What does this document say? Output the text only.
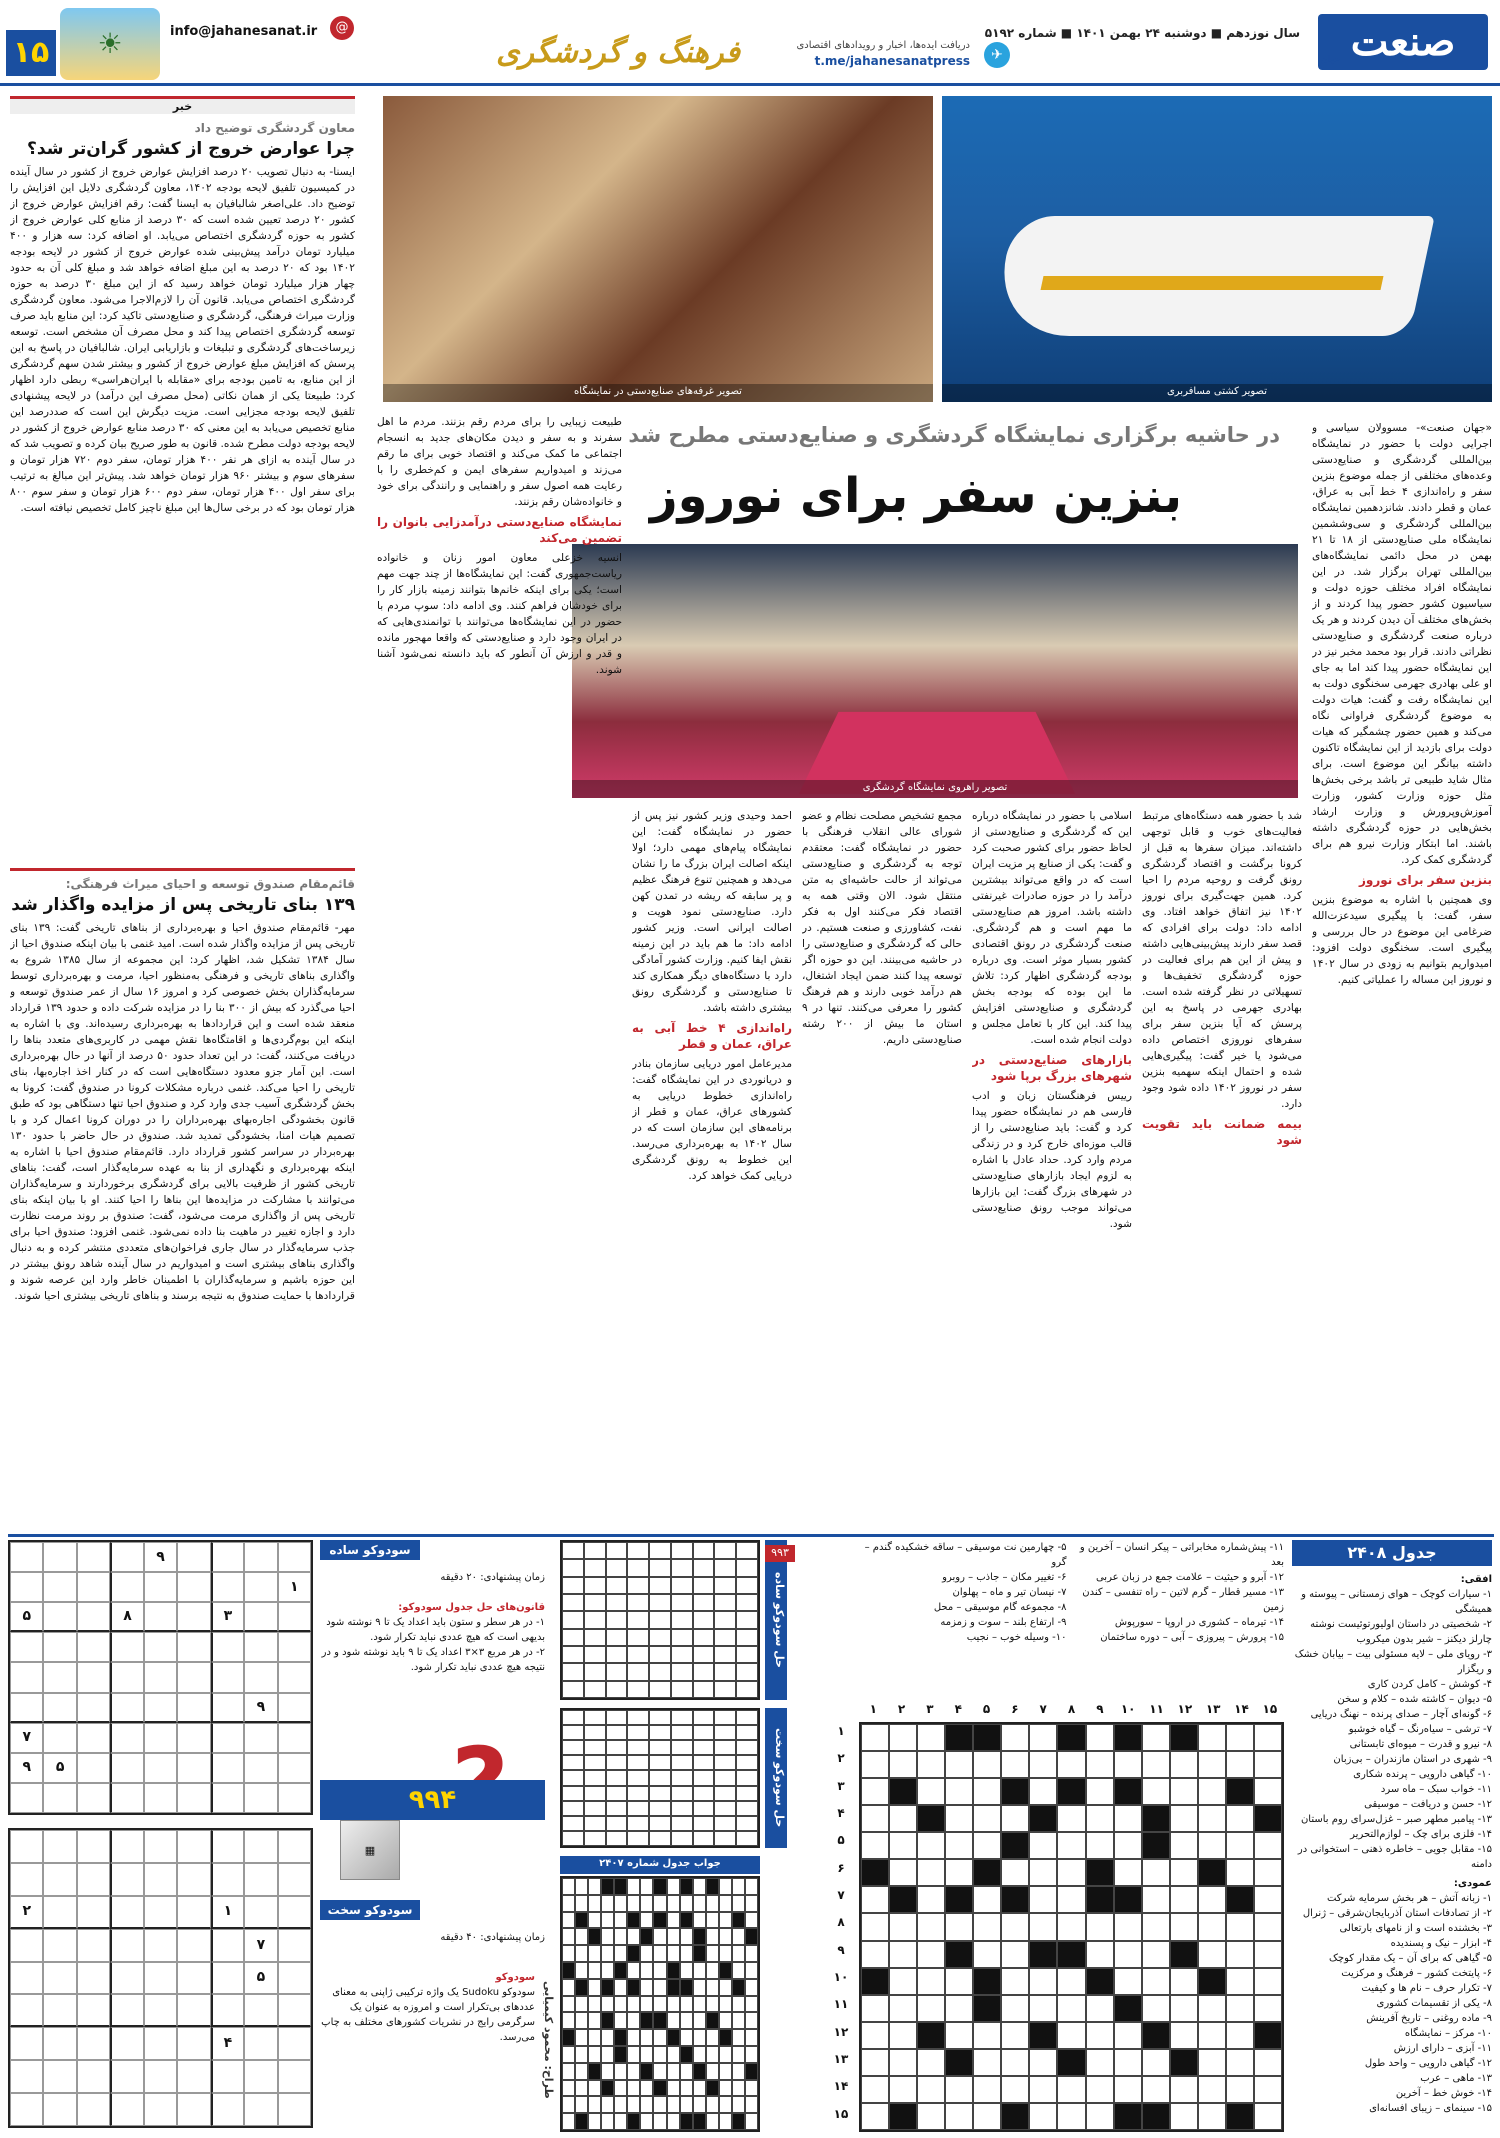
صنعت
جهان
سال نوزدهم ■ دوشنبه ۲۴ بهمن ۱۴۰۱ ■ شماره ۵۱۹۲
✈
دریافت ایده‌ها، اخبار و رویدادهای اقتصادی
t.me/jahanesanatpress
فرهنگ و گردشگری
@
info@jahanesanat.ir
☀
۱۵
خبر
معاون گردشگری توضیح داد
چرا عوارض خروج از کشور گران‌تر شد؟

ایسنا- به دنبال تصویب ۲۰ درصد افزایش عوارض خروج از کشور در سال آینده در کمیسیون تلفیق لایحه بودجه ۱۴۰۲، معاون گردشگری دلایل این افزایش را توضیح داد. علی‌اصغر شالبافیان به ایسنا گفت: رقم افزایش عوارض خروج از کشور ۲۰ درصد تعیین شده است که ۳۰ درصد از منابع کلی عوارض خروج از کشور به حوزه گردشگری اختصاص می‌یابد. او اضافه کرد: سه هزار و ۴۰۰ میلیارد تومان درآمد پیش‌بینی شده عوارض خروج از کشور در لایحه بودجه ۱۴۰۲ بود که ۲۰ درصد به این مبلغ اضافه خواهد شد و مبلغ کلی آن به حدود چهار هزار میلیارد تومان خواهد رسید که از این مبلغ ۳۰ درصد به حوزه گردشگری اختصاص می‌یابد. قانون آن را لازم‌الاجرا می‌شود. معاون گردشگری وزارت میراث فرهنگی، گردشگری و صنایع‌دستی تاکید کرد: این منابع باید صرف توسعه گردشگری اختصاص پیدا کند و محل مصرف آن مشخص است. توسعه زیرساخت‌های گردشگری و تبلیغات و بازاریابی ایران. شالبافیان در پاسخ به این پرسش که افزایش مبلغ عوارض خروج از کشور و بیشتر شدن سهم گردشگری از این منابع، به تامین بودجه برای «مقابله با ایران‌هراسی» ربطی دارد اظهار کرد: طبیعتا یکی از همان نکاتی (محل مصرف این درآمد) در لایحه پیشنهادی تلفیق لایحه بودجه مجزایی است. مزیت دیگرش این است که صددرصد این منابع تخصیص می‌یابد به این معنی که ۳۰ درصد منابع عوارض خروج از کشور در لایحه بودجه دولت مطرح شده. قانون به طور صریح بیان کرده و تصویب شد که در سال آینده به ازای هر نفر ۴۰۰ هزار تومان، سفر دوم ۷۲۰ هزار تومان و سفرهای سوم و بیشتر ۹۶۰ هزار تومان خواهد شد. پیش‌تر این مبالغ به ترتیب برای سفر اول ۴۰۰ هزار تومان، سفر دوم ۶۰۰ هزار تومان و سفر سوم ۸۰۰ هزار تومان بود که در برخی سال‌ها این مبلغ ناچیز کامل تخصیص نیافته است.

قائم‌مقام صندوق توسعه و احیای میراث فرهنگی:
۱۳۹ بنای تاریخی پس از مزایده واگذار شد

مهر- قائم‌مقام صندوق احیا و بهره‌برداری از بناهای تاریخی گفت: ۱۳۹ بنای تاریخی پس از مزایده واگذار شده است. امید غنمی با بیان اینکه صندوق احیا از سال ۱۳۸۴ تشکیل شد، اظهار کرد: این مجموعه از سال ۱۳۸۵ شروع به واگذاری بناهای تاریخی و فرهنگی به‌منظور احیا، مرمت و بهره‌برداری توسط سرمایه‌گذاران بخش خصوصی کرد و امروز ۱۶ سال از عمر صندوق توسعه و احیا می‌گذرد که بیش از ۳۰۰ بنا را در مزایده شرکت داده و حدود ۱۳۹ قرارداد منعقد شده است و این قراردادها به بهره‌برداری رسیده‌اند. وی با اشاره به اینکه این بوم‌گردی‌ها و اقامتگاه‌ها نقش مهمی در کاربری‌های متعدد بناها را دریافت می‌کنند، گفت: در این تعداد حدود ۵۰ درصد از آنها در حال بهره‌برداری است. این آمار جزو معدود دستگاه‌هایی است که در کنار اخذ اجاره‌بها، بنای تاریخی را احیا می‌کند. غنمی درباره مشکلات کرونا در صندوق گفت: کرونا به بخش گردشگری آسیب جدی وارد کرد و صندوق احیا تنها دستگاهی بود که طبق قانون بخشودگی اجاره‌بهای بهره‌برداران را در دوران کرونا اعمال کرد و با تصمیم هیات امنا، بخشودگی تمدید شد. صندوق در حال حاضر با حدود ۱۳۰ بهره‌بردار در سراسر کشور قرارداد دارد. قائم‌مقام صندوق احیا با اشاره به اینکه بهره‌برداری و نگهداری از بنا به عهده سرمایه‌گذار است، گفت: بناهای تاریخی کشور از ظرفیت بالایی برای گردشگری برخوردارند و سرمایه‌گذاران می‌توانند با مشارکت در مزایده‌ها این بناها را احیا کنند. او با بیان اینکه بنای تاریخی پس از واگذاری مرمت می‌شود، گفت: صندوق بر روند مرمت نظارت دارد و اجازه تغییر در ماهیت بنا داده نمی‌شود. غنمی افزود: صندوق احیا برای جذب سرمایه‌گذار در سال جاری فراخوان‌های متعددی منتشر کرده و به دنبال واگذاری بناهای بیشتری است و امیدواریم در سال آینده شاهد رونق بیشتر در این حوزه باشیم و سرمایه‌گذاران با اطمینان خاطر وارد این عرصه شوند و قراردادها با حمایت صندوق به نتیجه برسند و بناهای تاریخی بیشتری احیا شوند.

تصویر غرفه‌های صنایع‌دستی در نمایشگاه	تصویر کشتی مسافربری
در حاشیه برگزاری نمایشگاه گردشگری و صنایع‌دستی مطرح شد
بنزین سفر برای نوروز
تصویر راهروی نمایشگاه گردشگری

«جهان صنعت»- مسوولان سیاسی و اجرایی دولت با حضور در نمایشگاه بین‌المللی گردشگری و صنایع‌دستی وعده‌های مختلفی از جمله موضوع بنزین سفر و راه‌اندازی ۴ خط آبی به عراق، عمان و قطر دادند. شانزدهمین نمایشگاه بین‌المللی گردشگری و سی‌وششمین نمایشگاه ملی صنایع‌دستی از ۱۸ تا ۲۱ بهمن در محل دائمی نمایشگاه‌های بین‌المللی تهران برگزار شد. در این نمایشگاه افراد مختلف حوزه دولت و سیاسیون کشور حضور پیدا کردند و از بخش‌های مختلف آن دیدن کردند و هر یک درباره صنعت گردشگری و صنایع‌دستی نظراتی دادند. قرار بود محمد مخبر نیز در این نمایشگاه حضور پیدا کند اما به جای او علی بهادری جهرمی سخنگوی دولت به این نمایشگاه رفت و گفت: هیات دولت به موضوع گردشگری فراوانی نگاه می‌کند و همین حضور چشمگیر که هیات دولت برای بازدید از این نمایشگاه تاکنون داشته بیانگر این موضوع است. برای مثال شاید طبیعی تر باشد برخی بخش‌ها مثل حوزه وزارت کشور، وزارت آموزش‌وپرورش و وزارت ارشاد بخش‌هایی در حوزه گردشگری داشته باشند. اما ابتکار وزارت نیرو هم برای گردشگری کمک کرد.

بنزین سفر برای نوروز

وی همچنین با اشاره به موضوع بنزین سفر، گفت: با پیگیری سیدعزت‌الله ضرغامی این موضوع در حال بررسی و پیگیری است. سخنگوی دولت افزود: امیدواریم بتوانیم به زودی در سال ۱۴۰۲ و نوروز این مساله را عملیاتی کنیم.

شد با حضور همه دستگاه‌های مرتبط فعالیت‌های خوب و قابل توجهی داشته‌اند. میزان سفرها به قبل از کرونا برگشت و اقتصاد گردشگری رونق گرفت و روحیه مردم را احیا کرد. همین جهت‌گیری برای نوروز ۱۴۰۲ نیز اتفاق خواهد افتاد. وی ادامه داد: دولت برای افرادی که قصد سفر دارند پیش‌بینی‌هایی داشته و پیش از این هم برای فعالیت در حوزه گردشگری تخفیف‌ها و تسهیلاتی در نظر گرفته شده است. بهادری جهرمی در پاسخ به این پرسش که آیا بنزین سفر برای سفرهای نوروزی اختصاص داده می‌شود یا خیر گفت: پیگیری‌هایی شده و احتمال اینکه سهمیه بنزین سفر در نوروز ۱۴۰۲ داده شود وجود دارد.

بیمه ضمانت باید تقویت شود

اسلامی با حضور در نمایشگاه درباره این که گردشگری و صنایع‌دستی از لحاظ حضور برای کشور صحبت کرد و گفت: یکی از صنایع پر مزیت ایران است که در واقع می‌تواند بیشترین درآمد را در حوزه صادرات غیرنفتی داشته باشد. امروز هم صنایع‌دستی ما مهم است و هم گردشگری. صنعت گردشگری در رونق اقتصادی کشور بسیار موثر است. وی درباره بودجه گردشگری اظهار کرد: تلاش ما این بوده که بودجه بخش گردشگری و صنایع‌دستی افزایش پیدا کند. این کار با تعامل مجلس و دولت انجام شده است.

بازارهای صنایع‌دستی در شهرهای بزرگ برپا شود

رییس فرهنگستان زبان و ادب فارسی هم در نمایشگاه حضور پیدا کرد و گفت: باید صنایع‌دستی را از قالب موزه‌ای خارج کرد و در زندگی مردم وارد کرد. حداد عادل با اشاره به لزوم ایجاد بازارهای صنایع‌دستی در شهرهای بزرگ گفت: این بازارها می‌تواند موجب رونق صنایع‌دستی شود.

مجمع تشخیص مصلحت نظام و عضو شورای عالی انقلاب فرهنگی با حضور در نمایشگاه گفت: معتقدم توجه به گردشگری و صنایع‌دستی می‌تواند از حالت حاشیه‌ای به متن منتقل شود. الان وقتی همه به اقتصاد فکر می‌کنند اول به فکر نفت، کشاورزی و صنعت هستیم. در حالی که گردشگری و صنایع‌دستی را در حاشیه می‌بینند. این دو حوزه اگر توسعه پیدا کنند ضمن ایجاد اشتغال، هم درآمد خوبی دارند و هم فرهنگ کشور را معرفی می‌کنند. تنها در ۹ استان ما بیش از ۲۰۰ رشته صنایع‌دستی داریم.

احمد وحیدی وزیر کشور نیز پس از حضور در نمایشگاه گفت: این نمایشگاه پیام‌های مهمی دارد؛ اولا اینکه اصالت ایران بزرگ ما را نشان می‌دهد و همچنین تنوع فرهنگ عظیم و پر سابقه که ریشه در تمدن کهن دارد. صنایع‌دستی نمود هویت و اصالت ایرانی است. وزیر کشور ادامه داد: ما هم باید در این زمینه نقش ایفا کنیم. وزارت کشور آمادگی دارد با دستگاه‌های دیگر همکاری کند تا صنایع‌دستی و گردشگری رونق بیشتری داشته باشد.

راه‌اندازی ۴ خط آبی به عراق، عمان و قطر

مدیرعامل امور دریایی سازمان بنادر و دریانوردی در این نمایشگاه گفت: راه‌اندازی خطوط دریایی به کشورهای عراق، عمان و قطر از برنامه‌های این سازمان است که در سال ۱۴۰۲ به بهره‌برداری می‌رسد. این خطوط به رونق گردشگری دریایی کمک خواهد کرد.

طبیعت زیبایی را برای مردم رقم بزنند. مردم ما اهل سفرند و به سفر و دیدن مکان‌های جدید به انسجام اجتماعی ما کمک می‌کند و اقتصاد خوبی برای ما رقم می‌زند و امیدواریم سفرهای ایمن و کم‌خطری را با رعایت همه اصول سفر و راهنمایی و رانندگی برای خود و خانواده‌شان رقم بزنند.

نمایشگاه صنایع‌دستی درآمدزایی بانوان را تضمین می‌کند

انسیه خزعلی معاون امور زنان و خانواده ریاست‌جمهوری گفت: این نمایشگاه‌ها از چند جهت مهم است؛ یکی برای اینکه خانم‌ها بتوانند زمینه بازار کار را برای خودشان فراهم کنند. وی ادامه داد: سوپ مردم با حضور در این نمایشگاه‌ها می‌توانند با توانمندی‌هایی که در ایران وجود دارد و صنایع‌دستی که واقعا مهجور مانده و قدر و ارزش آن آنطور که باید دانسته نمی‌شود آشنا شوند.

جدول ۲۴۰۸
افقی:
۱- سیارات کوچک – هوای زمستانی – پیوسته و همیشگی
۲- شخصیتی در داستان اولیورتوئیست نوشته چارلز دیکنز – شیر بدون میکروب
۳- رویای ملی – لایه مسئولی بیت – بیابان خشک و ریگزار
۴- کوشش – کامل کردن کاری
۵- دیوان – کاشته شده – کلام و سخن
۶- گونه‌ای آچار – صدای پرنده – نهنگ دریایی
۷- ترشی – سیاه‌رنگ – گیاه خوشبو
۸- نیرو و قدرت – میوه‌ای تابستانی
۹- شهری در استان مازندران – بی‌زبان
۱۰- گیاهی دارویی – پرنده شکاری
۱۱- خواب سبک – ماه سرد
۱۲- حسن و دریافت – موسیقی
۱۳- پیامبر مطهر صبر – غزل‌سرای روم باستان
۱۴- فلزی برای چک – لوازم‌التحریر
۱۵- مقابل جویی – خاطره ذهنی – استخوانی در دامنه
عمودی:
۱- زبانه آتش – هر بخش سرمایه شرکت
۲- از تصادفات استان آذربایجان‌شرقی – ژنرال
۳- بخشنده است و از نامهای بارتعالی
۴- ابزار – نیک و پسندیده
۵- گیاهی که برای آن – یک مقدار کوچک
۶- پایتخت کشور – فرهنگ و مرکزیت
۷- تکرار حرف – نام ها و کیفیت
۸- یکی از تقسیمات کشوری
۹- ماده روغنی – تاریخ آفرینش
۱۰- مرکز – نمایشگاه
۱۱- آبزی – دارای ارزش
۱۲- گیاهی دارویی – واحد طول
۱۳- ماهی – عرب
۱۴- خوش خط – آخرین
۱۵- سینمای – زیبای افسانه‌ای
۱۱- پیش‌شماره مخابراتی – پیکر انسان – آخرین و بعد
۱۲- آبرو و حیثیت – علامت جمع در زبان عربی
۱۳- مسیر قطار – گرم لاتین – راه تنفسی – کندن زمین
۱۴- تیرماه – کشوری در اروپا – سورپوش
۱۵- پرورش – پیروزی – آبی – دوره ساختمان
۵- چهارمین نت موسیقی – ساقه خشکیده گندم – گرو
۶- تغییر مکان – جاذب – روبرو
۷- نیسان تیر و ماه – پهلوان
۸- مجموعه گام موسیقی – محل
۹- ارتفاع بلند – سوت و زمزمه
۱۰- وسیله خوب – نجیب
۱۵
۱۴
۱۳
۱۲
۱۱
۱۰
۹
۸
۷
۶
۵
۴
۳
۲
۱
۱
۲
۳
۴
۵
۶
۷
۸
۹
۱۰
۱۱
۱۲
۱۳
۱۴
۱۵
حل سودوکو ساده
حل سودوکو سخت
۹۹۳
جواب جدول شماره ۲۴۰۷
طراح: محمود کیمیایی
۹
۱
۳
۸
۵
۹
۷
۵
۹
سودوکو ساده
زمان پیشنهادی: ۲۰ دقیقه
قانون‌های حل جدول سودوکو:
۱- در هر سطر و ستون باید اعداد یک تا ۹ نوشته شود بدیهی است که هیچ عددی نباید تکرار شود.
۲- در هر مربع ۳×۳ اعداد یک تا ۹ باید نوشته شود و در نتیجه هیچ عددی نباید تکرار شود.
۹۹۴
▦
۱
۲
۷
۵
۴
سودوکو سخت
زمان پیشنهادی: ۴۰ دقیقه
سودوکو
سودوکو Sudoku یک واژه ترکیبی ژاپنی به معنای عددهای بی‌تکرار است و امروزه به عنوان یک سرگرمی رایج در نشریات کشورهای مختلف به چاپ می‌رسد.
